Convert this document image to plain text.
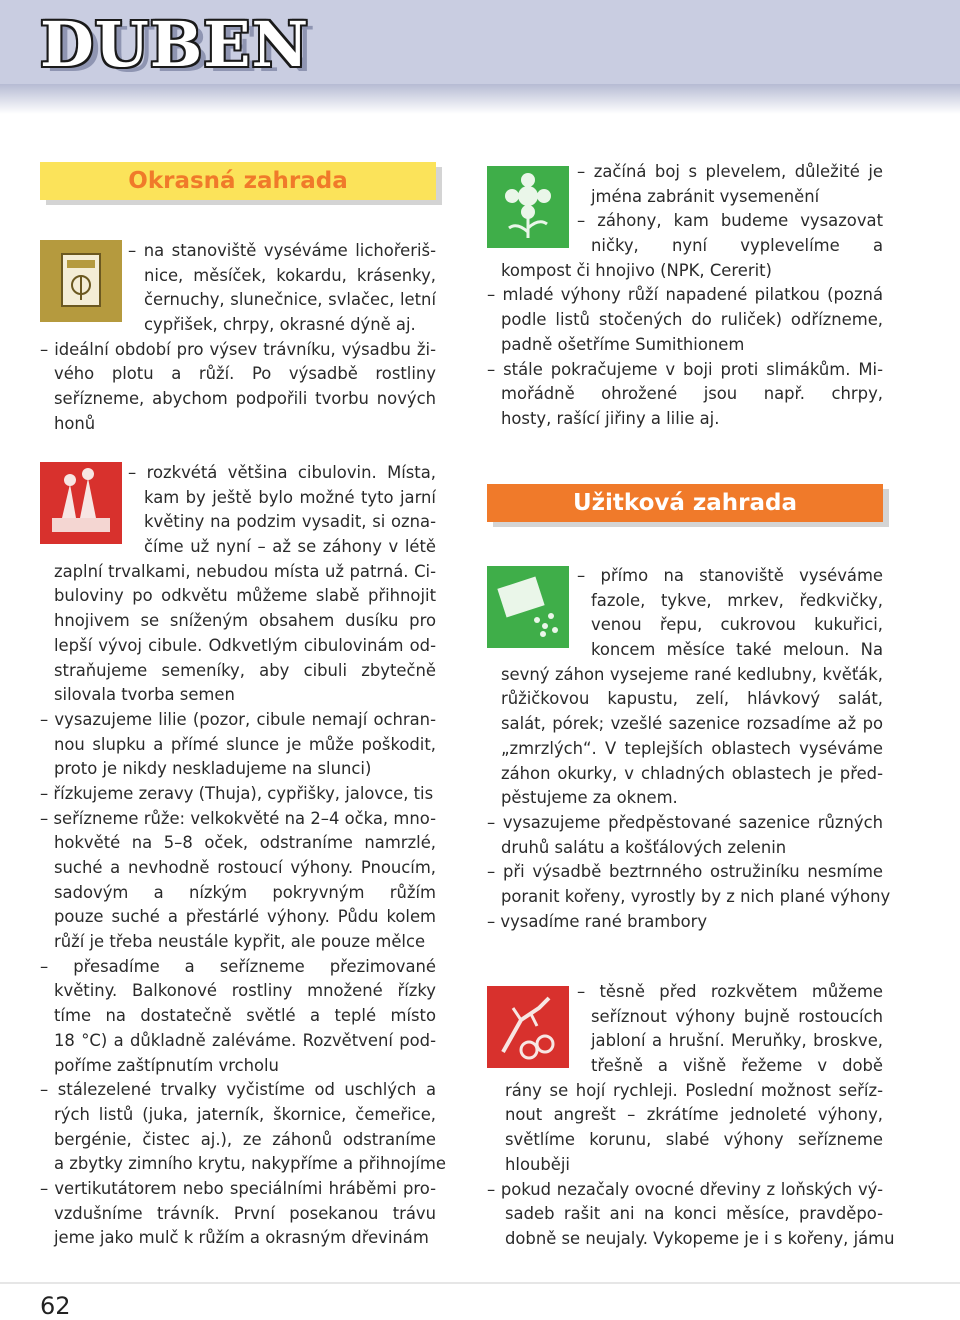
DUBEN
Okrasná zahrada
– na stanoviště vyséváme lichořeriš-
nice, měsíček, kokardu, krásenky,
černuchy, slunečnice, svlačec, letní
cypřišek, chrpy, okrasné dýně aj.
– ideální období pro výsev trávníku, výsadbu ži-
vého plotu a růží. Po výsadbě rostliny
seřízneme, abychom podpořili tvorbu nových
honů
– rozkvétá většina cibulovin. Místa,
kam by ještě bylo možné tyto jarní
květiny na podzim vysadit, si ozna-
číme už nyní – až se záhony v létě
zaplní trvalkami, nebudou místa už patrná. Ci-
buloviny po odkvětu můžeme slabě přihnojit
hnojivem se sníženým obsahem dusíku pro
lepší vývoj cibule. Odkvetlým cibulovinám od-
straňujeme semeníky, aby cibuli zbytečně
silovala tvorba semen
– vysazujeme lilie (pozor, cibule nemají ochran-
nou slupku a přímé slunce je může poškodit,
proto je nikdy neskladujeme na slunci)
– řízkujeme zeravy (Thuja), cypřišky, jalovce, tis
– seřízneme růže: velkokvěté na 2–4 očka, mno-
hokvěté na 5–8 oček, odstraníme namrzlé,
suché a nevhodně rostoucí výhony. Pnoucím,
sadovým a nízkým pokryvným růžím
pouze suché a přestárlé výhony. Půdu kolem
růží je třeba neustále kypřit, ale pouze mělce
– přesadíme a seřízneme přezimované
květiny. Balkonové rostliny množené řízky
tíme na dostatečně světlé a teplé místo
18 °C) a důkladně zaléváme. Rozvětvení pod-
poříme zaštípnutím vrcholu
– stálezelené trvalky vyčistíme od uschlých a
rých listů (juka, jaterník, škornice, čemeřice,
bergénie, čistec aj.), ze záhonů odstraníme
a zbytky zimního krytu, nakypříme a přihnojíme
– vertikutátorem nebo speciálními hráběmi pro-
vzdušníme trávník. První posekanou trávu
jeme jako mulč k růžím a okrasným dřevinám
– začíná boj s plevelem, důležité je
jména zabránit vysemenění
– záhony, kam budeme vysazovat
ničky, nyní vyplevelíme a
kompost či hnojivo (NPK, Cererit)
– mladé výhony růží napadené pilatkou (pozná
podle listů stočených do ruliček) odřízneme,
padně ošetříme Sumithionem
– stále pokračujeme v boji proti slimákům. Mi-
mořádně ohrožené jsou např. chrpy,
hosty, rašící jiřiny a lilie aj.
Užitková zahrada
– přímo na stanoviště vyséváme
fazole, tykve, mrkev, ředkvičky,
venou řepu, cukrovou kukuřici,
koncem měsíce také meloun. Na
sevný záhon vysejeme rané kedlubny, kvěťák,
růžičkovou kapustu, zelí, hlávkový salát,
salát, pórek; vzešlé sazenice rozsadíme až po
„zmrzlých“. V teplejších oblastech vyséváme
záhon okurky, v chladných oblastech je před-
pěstujeme za oknem.
– vysazujeme předpěstované sazenice různých
druhů salátu a košťálových zelenin
– při výsadbě beztrnného ostružiníku nesmíme
poranit kořeny, vyrostly by z nich plané výhony
– vysadíme rané brambory
– těsně před rozkvětem můžeme
seříznout výhony bujně rostoucích
jabloní a hrušní. Meruňky, broskve,
třešně a višně řežeme v době
rány se hojí rychleji. Poslední možnost seříz-
nout angrešt – zkrátíme jednoleté výhony,
světlíme korunu, slabé výhony seřízneme
hlouběji
– pokud nezačaly ovocné dřeviny z loňských vý-
sadeb rašit ani na konci měsíce, pravděpo-
dobně se neujaly. Vykopeme je i s kořeny, jámu
62
